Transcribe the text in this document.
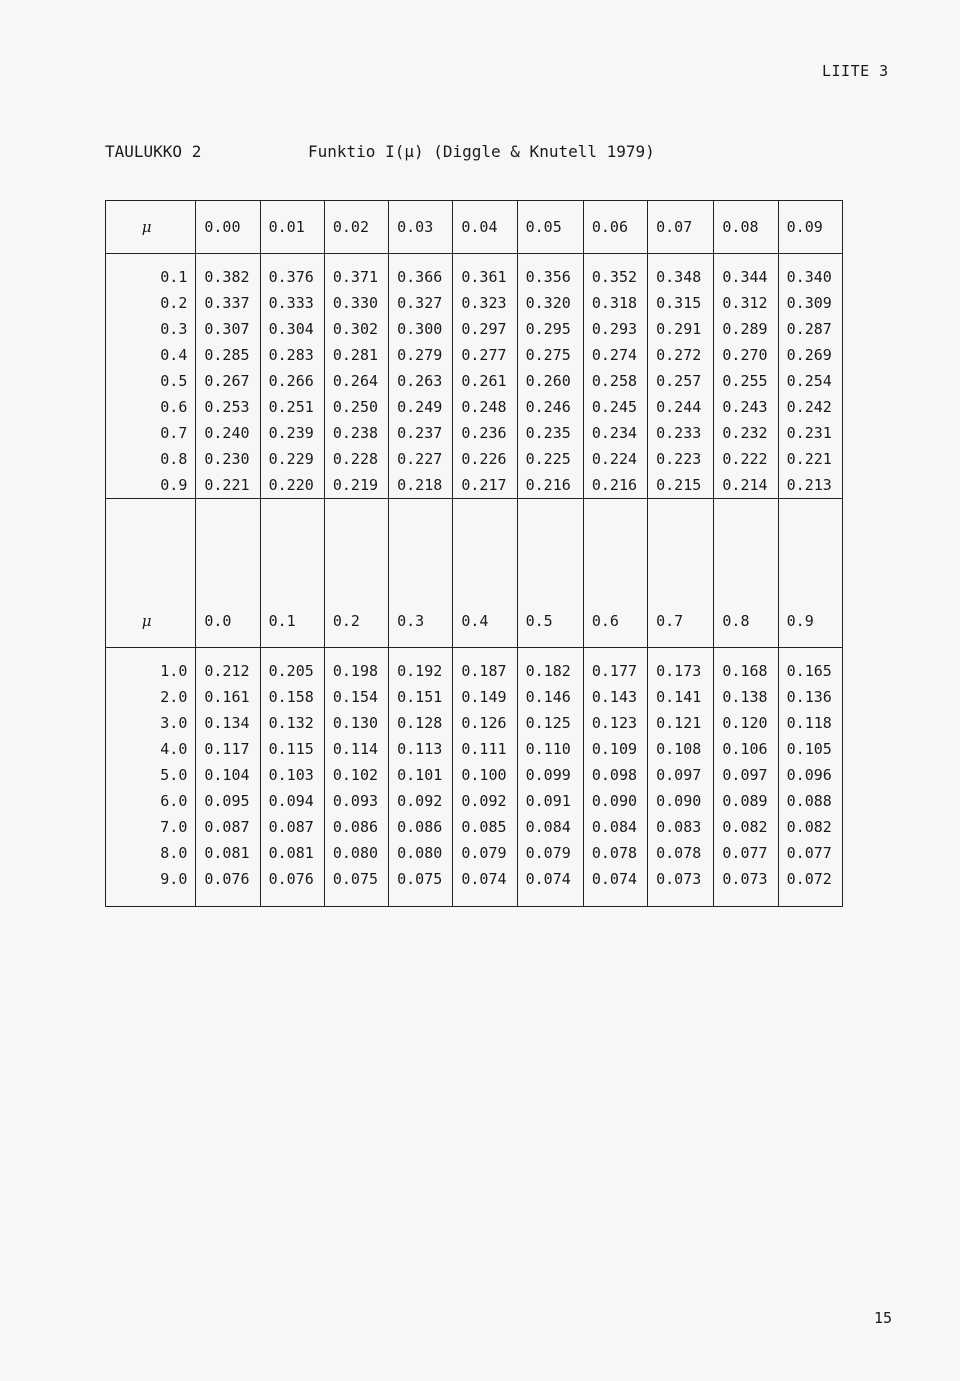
LIITE 3
TAULUKKO 2	Funktio I(μ) (Diggle & Knutell 1979)
μ	0.00	0.01	0.02	0.03	0.04	0.05	0.06	0.07	0.08	0.09

0.1	0.382	0.376	0.371	0.366	0.361	0.356	0.352	0.348	0.344	0.340
0.2	0.337	0.333	0.330	0.327	0.323	0.320	0.318	0.315	0.312	0.309
0.3	0.307	0.304	0.302	0.300	0.297	0.295	0.293	0.291	0.289	0.287
0.4	0.285	0.283	0.281	0.279	0.277	0.275	0.274	0.272	0.270	0.269
0.5	0.267	0.266	0.264	0.263	0.261	0.260	0.258	0.257	0.255	0.254
0.6	0.253	0.251	0.250	0.249	0.248	0.246	0.245	0.244	0.243	0.242
0.7	0.240	0.239	0.238	0.237	0.236	0.235	0.234	0.233	0.232	0.231
0.8	0.230	0.229	0.228	0.227	0.226	0.225	0.224	0.223	0.222	0.221
0.9	0.221	0.220	0.219	0.218	0.217	0.216	0.216	0.215	0.214	0.213

μ	0.0	0.1	0.2	0.3	0.4	0.5	0.6	0.7	0.8	0.9

1.0	0.212	0.205	0.198	0.192	0.187	0.182	0.177	0.173	0.168	0.165
2.0	0.161	0.158	0.154	0.151	0.149	0.146	0.143	0.141	0.138	0.136
3.0	0.134	0.132	0.130	0.128	0.126	0.125	0.123	0.121	0.120	0.118
4.0	0.117	0.115	0.114	0.113	0.111	0.110	0.109	0.108	0.106	0.105
5.0	0.104	0.103	0.102	0.101	0.100	0.099	0.098	0.097	0.097	0.096
6.0	0.095	0.094	0.093	0.092	0.092	0.091	0.090	0.090	0.089	0.088
7.0	0.087	0.087	0.086	0.086	0.085	0.084	0.084	0.083	0.082	0.082
8.0	0.081	0.081	0.080	0.080	0.079	0.079	0.078	0.078	0.077	0.077
9.0	0.076	0.076	0.075	0.075	0.074	0.074	0.074	0.073	0.073	0.072

15
